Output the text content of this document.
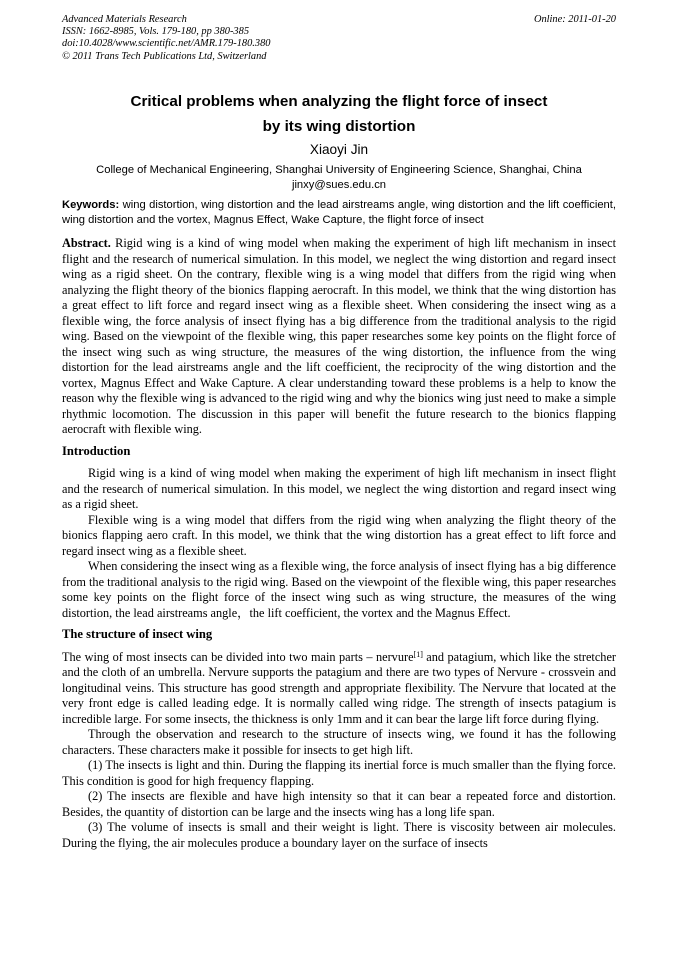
Advanced Materials Research
ISSN: 1662-8985, Vols. 179-180, pp 380-385
doi:10.4028/www.scientific.net/AMR.179-180.380
© 2011 Trans Tech Publications Ltd, Switzerland
Online: 2011-01-20
Critical problems when analyzing the flight force of insect
by its wing distortion
Xiaoyi Jin
College of Mechanical Engineering, Shanghai University of Engineering Science, Shanghai, China
jinxy@sues.edu.cn
Keywords: wing distortion, wing distortion and the lead airstreams angle, wing distortion and the lift coefficient, wing distortion and the vortex, Magnus Effect, Wake Capture, the flight force of insect

Abstract. Rigid wing is a kind of wing model when making the experiment of high lift mechanism in insect flight and the research of numerical simulation. In this model, we neglect the wing distortion and regard insect wing as a rigid sheet. On the contrary, flexible wing is a wing model that differs from the rigid wing when analyzing the flight theory of the bionics flapping aerocraft. In this model, we think that the wing distortion has a great effect to lift force and regard insect wing as a flexible sheet. When considering the insect wing as a flexible wing, the force analysis of insect flying has a big difference from the traditional analysis to the rigid wing. Based on the viewpoint of the flexible wing, this paper researches some key points on the flight force of the insect wing such as wing structure, the measures of the wing distortion, the influence from the wing distortion for the lead airstreams angle and the lift coefficient, the reciprocity of the wing distortion and the vortex, Magnus Effect and Wake Capture. A clear understanding toward these problems is a help to know the reason why the flexible wing is advanced to the rigid wing and why the bionics wing just need to make a simple rhythmic locomotion. The discussion in this paper will benefit the future research to the bionics flapping aerocraft with flexible wing.

Introduction

Rigid wing is a kind of wing model when making the experiment of high lift mechanism in insect flight and the research of numerical simulation. In this model, we neglect the wing distortion and regard insect wing as a rigid sheet.

Flexible wing is a wing model that differs from the rigid wing when analyzing the flight theory of the bionics flapping aero craft. In this model, we think that the wing distortion has a great effect to lift force and regard insect wing as a flexible sheet.

When considering the insect wing as a flexible wing, the force analysis of insect flying has a big difference from the traditional analysis to the rigid wing. Based on the viewpoint of the flexible wing, this paper researches some key points on the flight force of the insect wing such as wing structure, the measures of the wing distortion, the lead airstreams angle，the lift coefficient, the vortex and the Magnus Effect.

The structure of insect wing

The wing of most insects can be divided into two main parts – nervure[1] and patagium, which like the stretcher and the cloth of an umbrella. Nervure supports the patagium and there are two types of Nervure - crossvein and longitudinal veins. This structure has good strength and appropriate flexibility. The Nervure that located at the very front edge is called leading edge. It is normally called wing ridge. The strength of insects patagium is incredible large. For some insects, the thickness is only 1mm and it can bear the large lift force during flying.

Through the observation and research to the structure of insects wing, we found it has the following characters. These characters make it possible for insects to get high lift.

(1) The insects is light and thin. During the flapping its inertial force is much smaller than the flying force. This condition is good for high frequency flapping.

(2) The insects are flexible and have high intensity so that it can bear a repeated force and distortion. Besides, the quantity of distortion can be large and the insects wing has a long life span.

(3) The volume of insects is small and their weight is light. There is viscosity between air molecules. During the flying, the air molecules produce a boundary layer on the surface of insects
